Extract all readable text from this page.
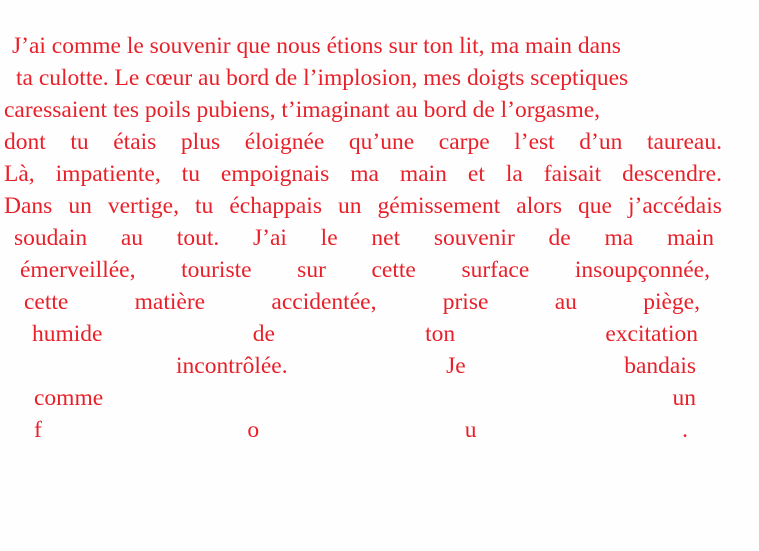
J’ai comme le souvenir que nous étions sur ton lit, ma main dans
ta culotte. Le cœur au bord de l’implosion, mes doigts sceptiques
caressaient tes poils pubiens, t’imaginant au bord de l’orgasme,
dont tu étais plus éloignée qu’une carpe l’est d’un taureau.
Là, impatiente, tu empoignais ma main et la faisait descendre.
Dans un vertige, tu échappais un gémissement alors que j’accédais
soudain au tout. J’ai le net souvenir de ma main
émerveillée, touriste sur cette surface insoupçonnée,
cette	matière	accidentée,	prise	au	piège,
humide	de	ton	excitation
incontrôlée.	Je	bandais
comme	un
f	o	u	.
